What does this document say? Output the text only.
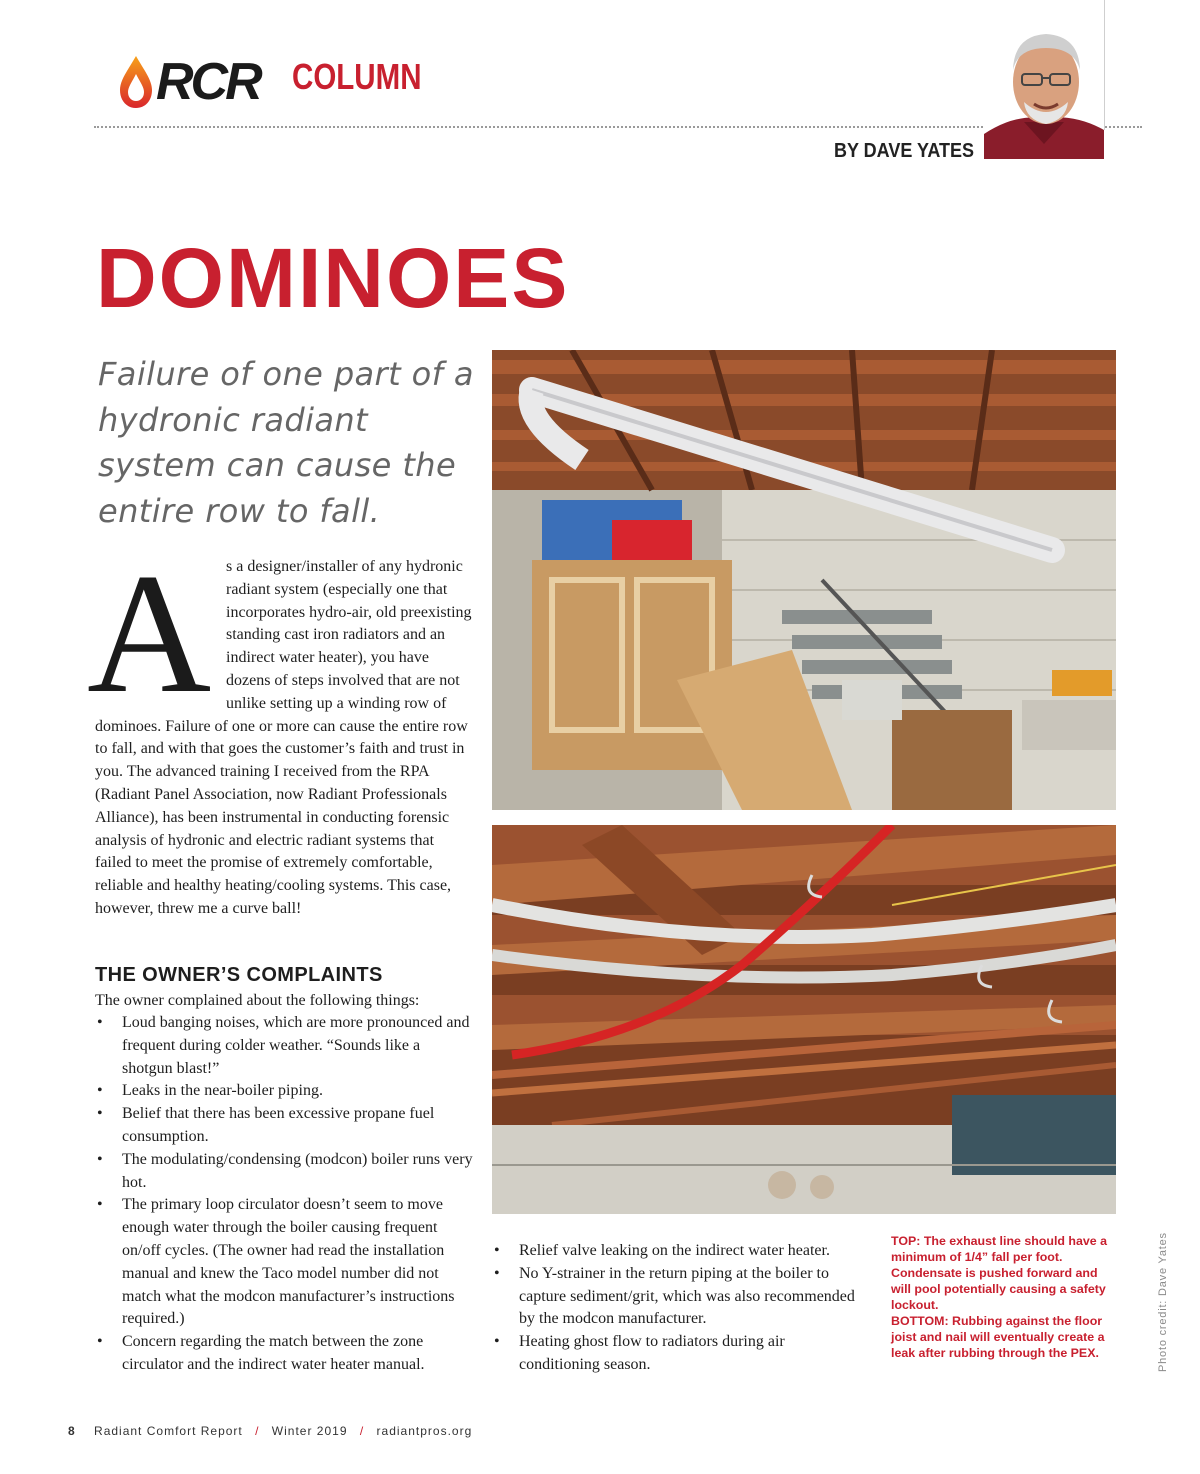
RCR COLUMN
BY DAVE YATES
DOMINOES

Failure of one part of a hydronic radiant system can cause the entire row to fall.

A s a designer/installer of any hydronic radiant system (especially one that incorporates hydro-air, old preexisting standing cast iron radiators and an indirect water heater), you have dozens of steps involved that are not unlike setting up a winding row of dominoes. Failure of one or more can cause the entire row to fall, and with that goes the customer’s faith and trust in you. The advanced training I received from the RPA (Radiant Panel Association, now Radiant Professionals Alliance), has been instrumental in conducting forensic analysis of hydronic and electric radiant systems that failed to meet the promise of extremely comfortable, reliable and healthy heating/cooling systems. This case, however, threw me a curve ball!

THE OWNER’S COMPLAINTS

The owner complained about the following things:

• Loud banging noises, which are more pronounced and frequent during colder weather. “Sounds like a shotgun blast!”
• Leaks in the near-boiler piping.
• Belief that there has been excessive propane fuel consumption.
• The modulating/condensing (modcon) boiler runs very hot.
• The primary loop circulator doesn’t seem to move enough water through the boiler causing frequent on/off cycles. (The owner had read the installation manual and knew the Taco model number did not match what the modcon manufacturer’s instructions required.)
• Concern regarding the match between the zone circulator and the indirect water heater manual.
• Relief valve leaking on the indirect water heater.
• No Y-strainer in the return piping at the boiler to capture sediment/grit, which was also recommended by the modcon manufacturer.
• Heating ghost flow to radiators during air conditioning season.

TOP: The exhaust line should have a minimum of 1/4” fall per foot. Condensate is pushed forward and will pool potentially causing a safety lockout.

BOTTOM: Rubbing against the floor joist and nail will eventually create a leak after rubbing through the PEX.	Photo credit: Dave Yates
8 Radiant Comfort Report / Winter 2019 / radiantpros.org
